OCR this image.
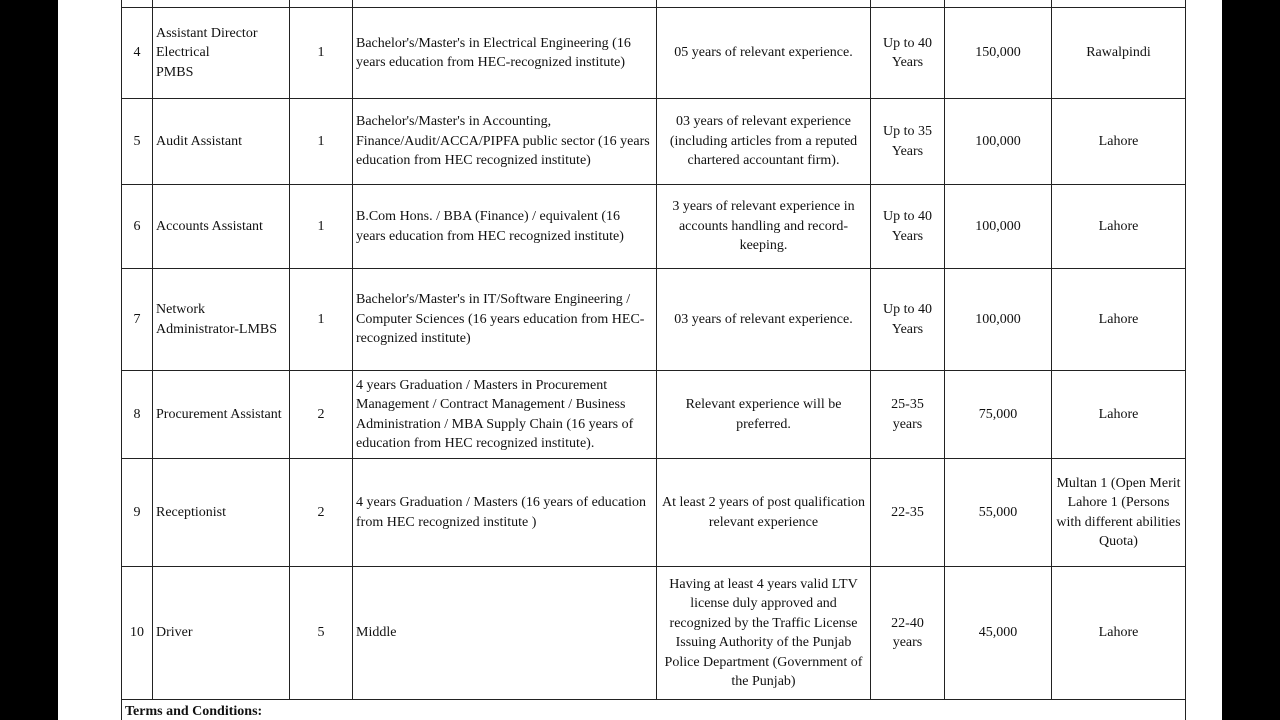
4	Assistant Director
Electrical
PMBS	1	Bachelor's/Master's in Electrical Engineering (16 years education from HEC-recognized institute)	05 years of relevant experience.	Up to 40
Years	150,000	Rawalpindi
5	Audit Assistant	1	Bachelor's/Master's in Accounting, Finance/Audit/ACCA/PIPFA public sector (16 years education from HEC recognized institute)	03 years of relevant experience (including articles from a reputed chartered accountant firm).	Up to 35
Years	100,000	Lahore
6	Accounts Assistant	1	B.Com Hons. / BBA (Finance) / equivalent (16 years education from HEC recognized institute)	3 years of relevant experience in accounts handling and record-keeping.	Up to 40
Years	100,000	Lahore
7	Network Administrator-LMBS	1	Bachelor's/Master's in IT/Software Engineering / Computer Sciences (16 years education from HEC-recognized institute)	03 years of relevant experience.	Up to 40
Years	100,000	Lahore
8	Procurement Assistant	2	4 years Graduation / Masters in Procurement Management / Contract Management / Business Administration / MBA Supply Chain (16 years of education from HEC recognized institute).	Relevant experience will be preferred.	25-35
years	75,000	Lahore
9	Receptionist	2	4 years Graduation / Masters (16 years of education from HEC recognized institute )	At least 2 years of post qualification relevant experience	22-35	55,000	Multan 1 (Open Merit
Lahore 1 (Persons with different abilities Quota)
10	Driver	5	Middle	Having at least 4 years valid LTV license duly approved and recognized by the Traffic License Issuing Authority of the Punjab Police Department (Government of the Punjab)	22-40
years	45,000	Lahore
Terms and Conditions:							
